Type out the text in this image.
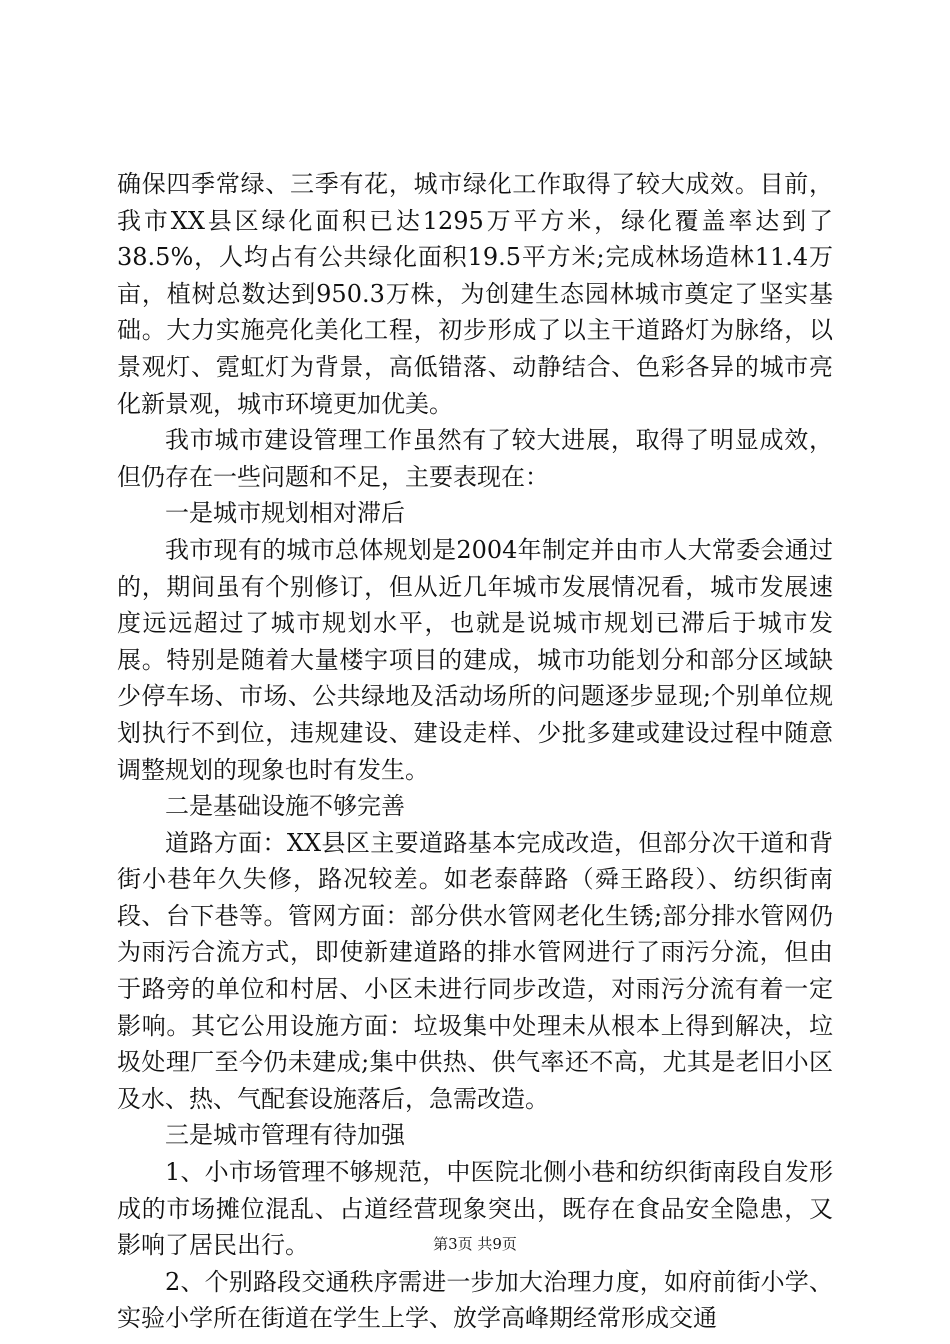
确保四季常绿、三季有花，城市绿化工作取得了较大成效。目前，我市XX县区绿化面积已达1295万平方米，绿化覆盖率达到了38.5%，人均占有公共绿化面积19.5平方米;完成林场造林11.4万亩，植树总数达到950.3万株，为创建生态园林城市奠定了坚实基础。大力实施亮化美化工程，初步形成了以主干道路灯为脉络，以景观灯、霓虹灯为背景，高低错落、动静结合、色彩各异的城市亮化新景观，城市环境更加优美。

我市城市建设管理工作虽然有了较大进展，取得了明显成效，但仍存在一些问题和不足，主要表现在：

一是城市规划相对滞后

我市现有的城市总体规划是2004年制定并由市人大常委会通过的，期间虽有个别修订，但从近几年城市发展情况看，城市发展速度远远超过了城市规划水平，也就是说城市规划已滞后于城市发展。特别是随着大量楼宇项目的建成，城市功能划分和部分区域缺少停车场、市场、公共绿地及活动场所的问题逐步显现;个别单位规划执行不到位，违规建设、建设走样、少批多建或建设过程中随意调整规划的现象也时有发生。

二是基础设施不够完善

道路方面：XX县区主要道路基本完成改造，但部分次干道和背街小巷年久失修，路况较差。如老泰薛路（舜王路段）、纺织街南段、台下巷等。管网方面：部分供水管网老化生锈;部分排水管网仍为雨污合流方式，即使新建道路的排水管网进行了雨污分流，但由于路旁的单位和村居、小区未进行同步改造，对雨污分流有着一定影响。其它公用设施方面：垃圾集中处理未从根本上得到解决，垃圾处理厂至今仍未建成;集中供热、供气率还不高，尤其是老旧小区及水、热、气配套设施落后，急需改造。

三是城市管理有待加强

1、小市场管理不够规范，中医院北侧小巷和纺织街南段自发形成的市场摊位混乱、占道经营现象突出，既存在食品安全隐患，又影响了居民出行。

2、个别路段交通秩序需进一步加大治理力度，如府前街小学、实验小学所在街道在学生上学、放学高峰期经常形成交通

第3页 共9页
